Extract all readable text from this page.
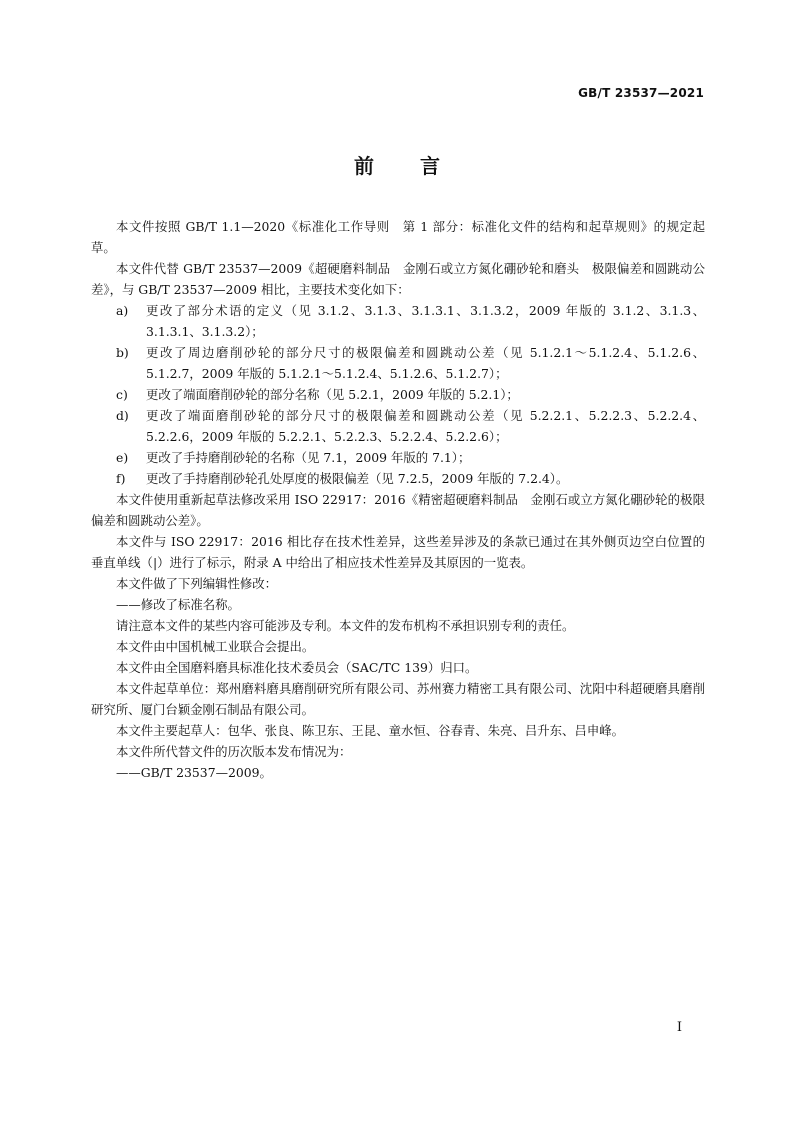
GB/T 23537—2021
前 言

本文件按照 GB/T 1.1—2020《标准化工作导则　第 1 部分：标准化文件的结构和起草规则》的规定起草。

本文件代替 GB/T 23537—2009《超硬磨料制品　金刚石或立方氮化硼砂轮和磨头　极限偏差和圆跳动公差》，与 GB/T 23537—2009 相比，主要技术变化如下：

a) 更改了部分术语的定义（见 3.1.2、3.1.3、3.1.3.1、3.1.3.2，2009 年版的 3.1.2、3.1.3、3.1.3.1、3.1.3.2）；

b) 更改了周边磨削砂轮的部分尺寸的极限偏差和圆跳动公差（见 5.1.2.1～5.1.2.4、5.1.2.6、5.1.2.7，2009 年版的 5.1.2.1～5.1.2.4、5.1.2.6、5.1.2.7）；

c) 更改了端面磨削砂轮的部分名称（见 5.2.1，2009 年版的 5.2.1）；

d) 更改了端面磨削砂轮的部分尺寸的极限偏差和圆跳动公差（见 5.2.2.1、5.2.2.3、5.2.2.4、5.2.2.6，2009 年版的 5.2.2.1、5.2.2.3、5.2.2.4、5.2.2.6）；

e) 更改了手持磨削砂轮的名称（见 7.1，2009 年版的 7.1）；

f) 更改了手持磨削砂轮孔处厚度的极限偏差（见 7.2.5，2009 年版的 7.2.4）。

本文件使用重新起草法修改采用 ISO 22917：2016《精密超硬磨料制品　金刚石或立方氮化硼砂轮的极限偏差和圆跳动公差》。

本文件与 ISO 22917：2016 相比存在技术性差异，这些差异涉及的条款已通过在其外侧页边空白位置的垂直单线（|）进行了标示，附录 A 中给出了相应技术性差异及其原因的一览表。

本文件做了下列编辑性修改：

——修改了标准名称。

请注意本文件的某些内容可能涉及专利。本文件的发布机构不承担识别专利的责任。

本文件由中国机械工业联合会提出。

本文件由全国磨料磨具标准化技术委员会（SAC/TC 139）归口。

本文件起草单位：郑州磨料磨具磨削研究所有限公司、苏州赛力精密工具有限公司、沈阳中科超硬磨具磨削研究所、厦门台颖金刚石制品有限公司。

本文件主要起草人：包华、张良、陈卫东、王昆、童水恒、谷春青、朱亮、吕升东、吕申峰。

本文件所代替文件的历次版本发布情况为：

——GB/T 23537—2009。

I
